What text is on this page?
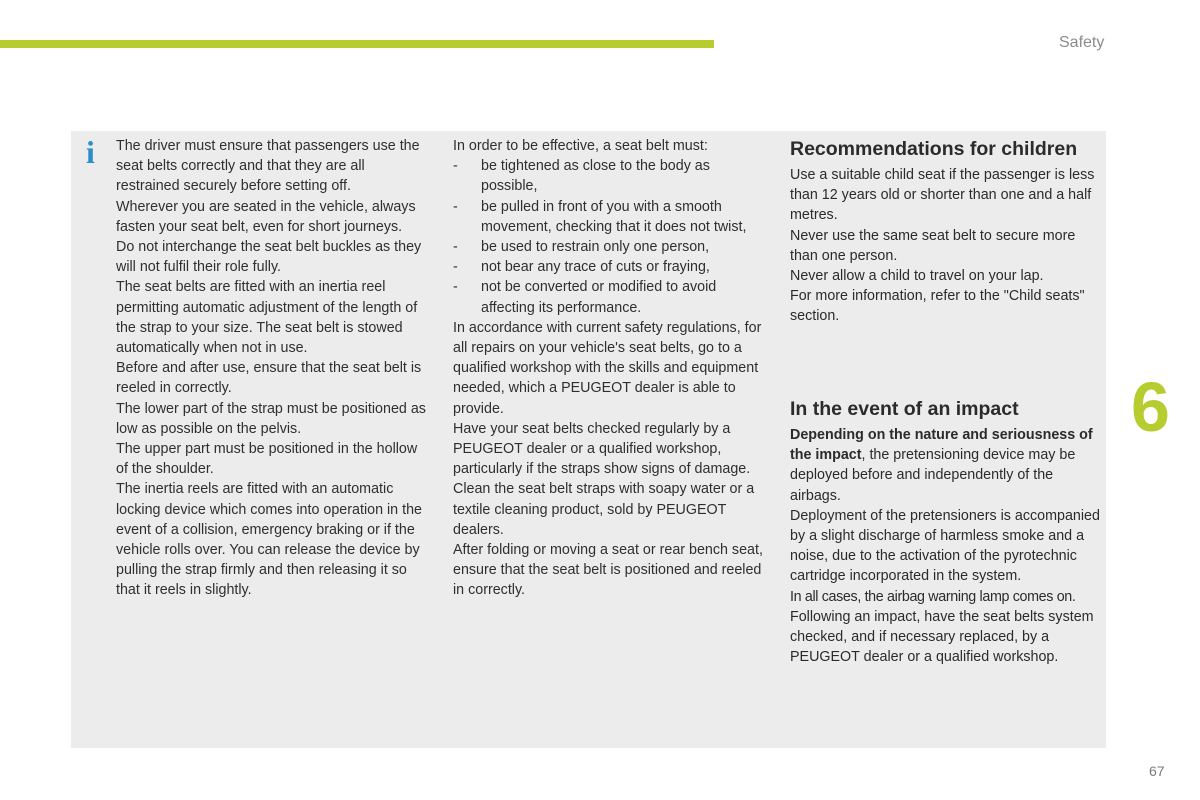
Safety
i	The driver must ensure that passengers use the seat belts correctly and that they are all restrained securely before setting off.

Wherever you are seated in the vehicle, always fasten your seat belt, even for short journeys.

Do not interchange the seat belt buckles as they will not fulfil their role fully.

The seat belts are fitted with an inertia reel permitting automatic adjustment of the length of the strap to your size. The seat belt is stowed automatically when not in use.

Before and after use, ensure that the seat belt is reeled in correctly.

The lower part of the strap must be positioned as low as possible on the pelvis.

The upper part must be positioned in the hollow of the shoulder.

The inertia reels are fitted with an automatic locking device which comes into operation in the event of a collision, emergency braking or if the vehicle rolls over. You can release the device by pulling the strap firmly and then releasing it so that it reels in slightly.

In order to be effective, a seat belt must:

- be tightened as close to the body as possible,
- be pulled in front of you with a smooth movement, checking that it does not twist,
- be used to restrain only one person,
- not bear any trace of cuts or fraying,
- not be converted or modified to avoid affecting its performance.

In accordance with current safety regulations, for all repairs on your vehicle's seat belts, go to a qualified workshop with the skills and equipment needed, which a PEUGEOT dealer is able to provide.

Have your seat belts checked regularly by a PEUGEOT dealer or a qualified workshop, particularly if the straps show signs of damage.

Clean the seat belt straps with soapy water or a textile cleaning product, sold by PEUGEOT dealers.

After folding or moving a seat or rear bench seat, ensure that the seat belt is positioned and reeled in correctly.

Recommendations for children

Use a suitable child seat if the passenger is less than 12 years old or shorter than one and a half metres.

Never use the same seat belt to secure more than one person.

Never allow a child to travel on your lap.

For more information, refer to the "Child seats" section.

In the event of an impact

Depending on the nature and seriousness of the impact, the pretensioning device may be deployed before and independently of the airbags.

Deployment of the pretensioners is accompanied by a slight discharge of harmless smoke and a noise, due to the activation of the pyrotechnic cartridge incorporated in the system.

In all cases, the airbag warning lamp comes on.

Following an impact, have the seat belts system checked, and if necessary replaced, by a PEUGEOT dealer or a qualified workshop.

6
67
